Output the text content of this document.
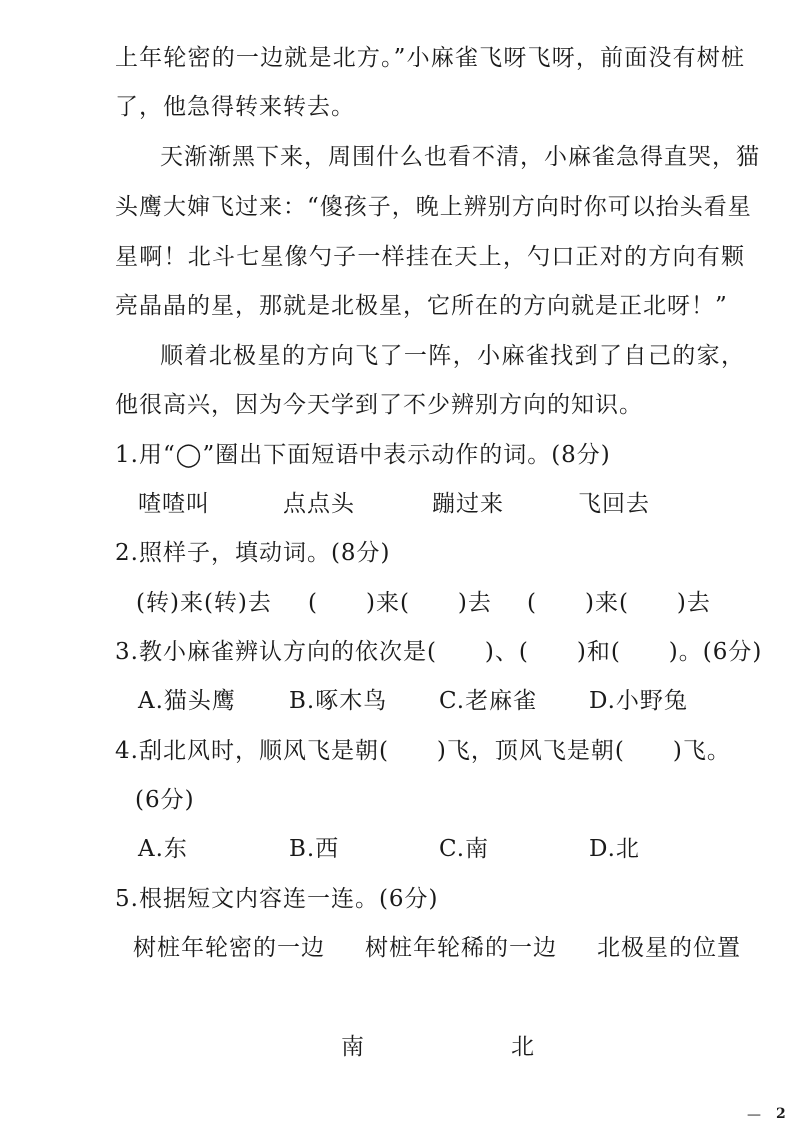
上年轮密的一边就是北方。”小麻雀飞呀飞呀，前面没有树桩
了，他急得转来转去。
天渐渐黑下来，周围什么也看不清，小麻雀急得直哭，猫
头鹰大婶飞过来：“傻孩子，晚上辨别方向时你可以抬头看星
星啊！北斗七星像勺子一样挂在天上，勺口正对的方向有颗
亮晶晶的星，那就是北极星，它所在的方向就是正北呀！”
顺着北极星的方向飞了一阵，小麻雀找到了自己的家，
他很高兴，因为今天学到了不少辨别方向的知识。
1.用“◯”圈出下面短语中表示动作的词。(8分)
喳喳叫	点点头	蹦过来	飞回去
2.照样子，填动词。(8分)
(转)来(转)去 (　　)来(　　)去 (　　)来(　　)去
3.教小麻雀辨认方向的依次是(　　)、(　　)和(　　)。(6分)
A.猫头鹰 B.啄木鸟 C.老麻雀 D.小野兔
4.刮北风时，顺风飞是朝(　　)飞，顶风飞是朝(　　)飞。
(6分)
A.东	B.西	C.南	D.北
5.根据短文内容连一连。(6分)
树桩年轮密的一边 树桩年轮稀的一边 北极星的位置
南	北
— 2
